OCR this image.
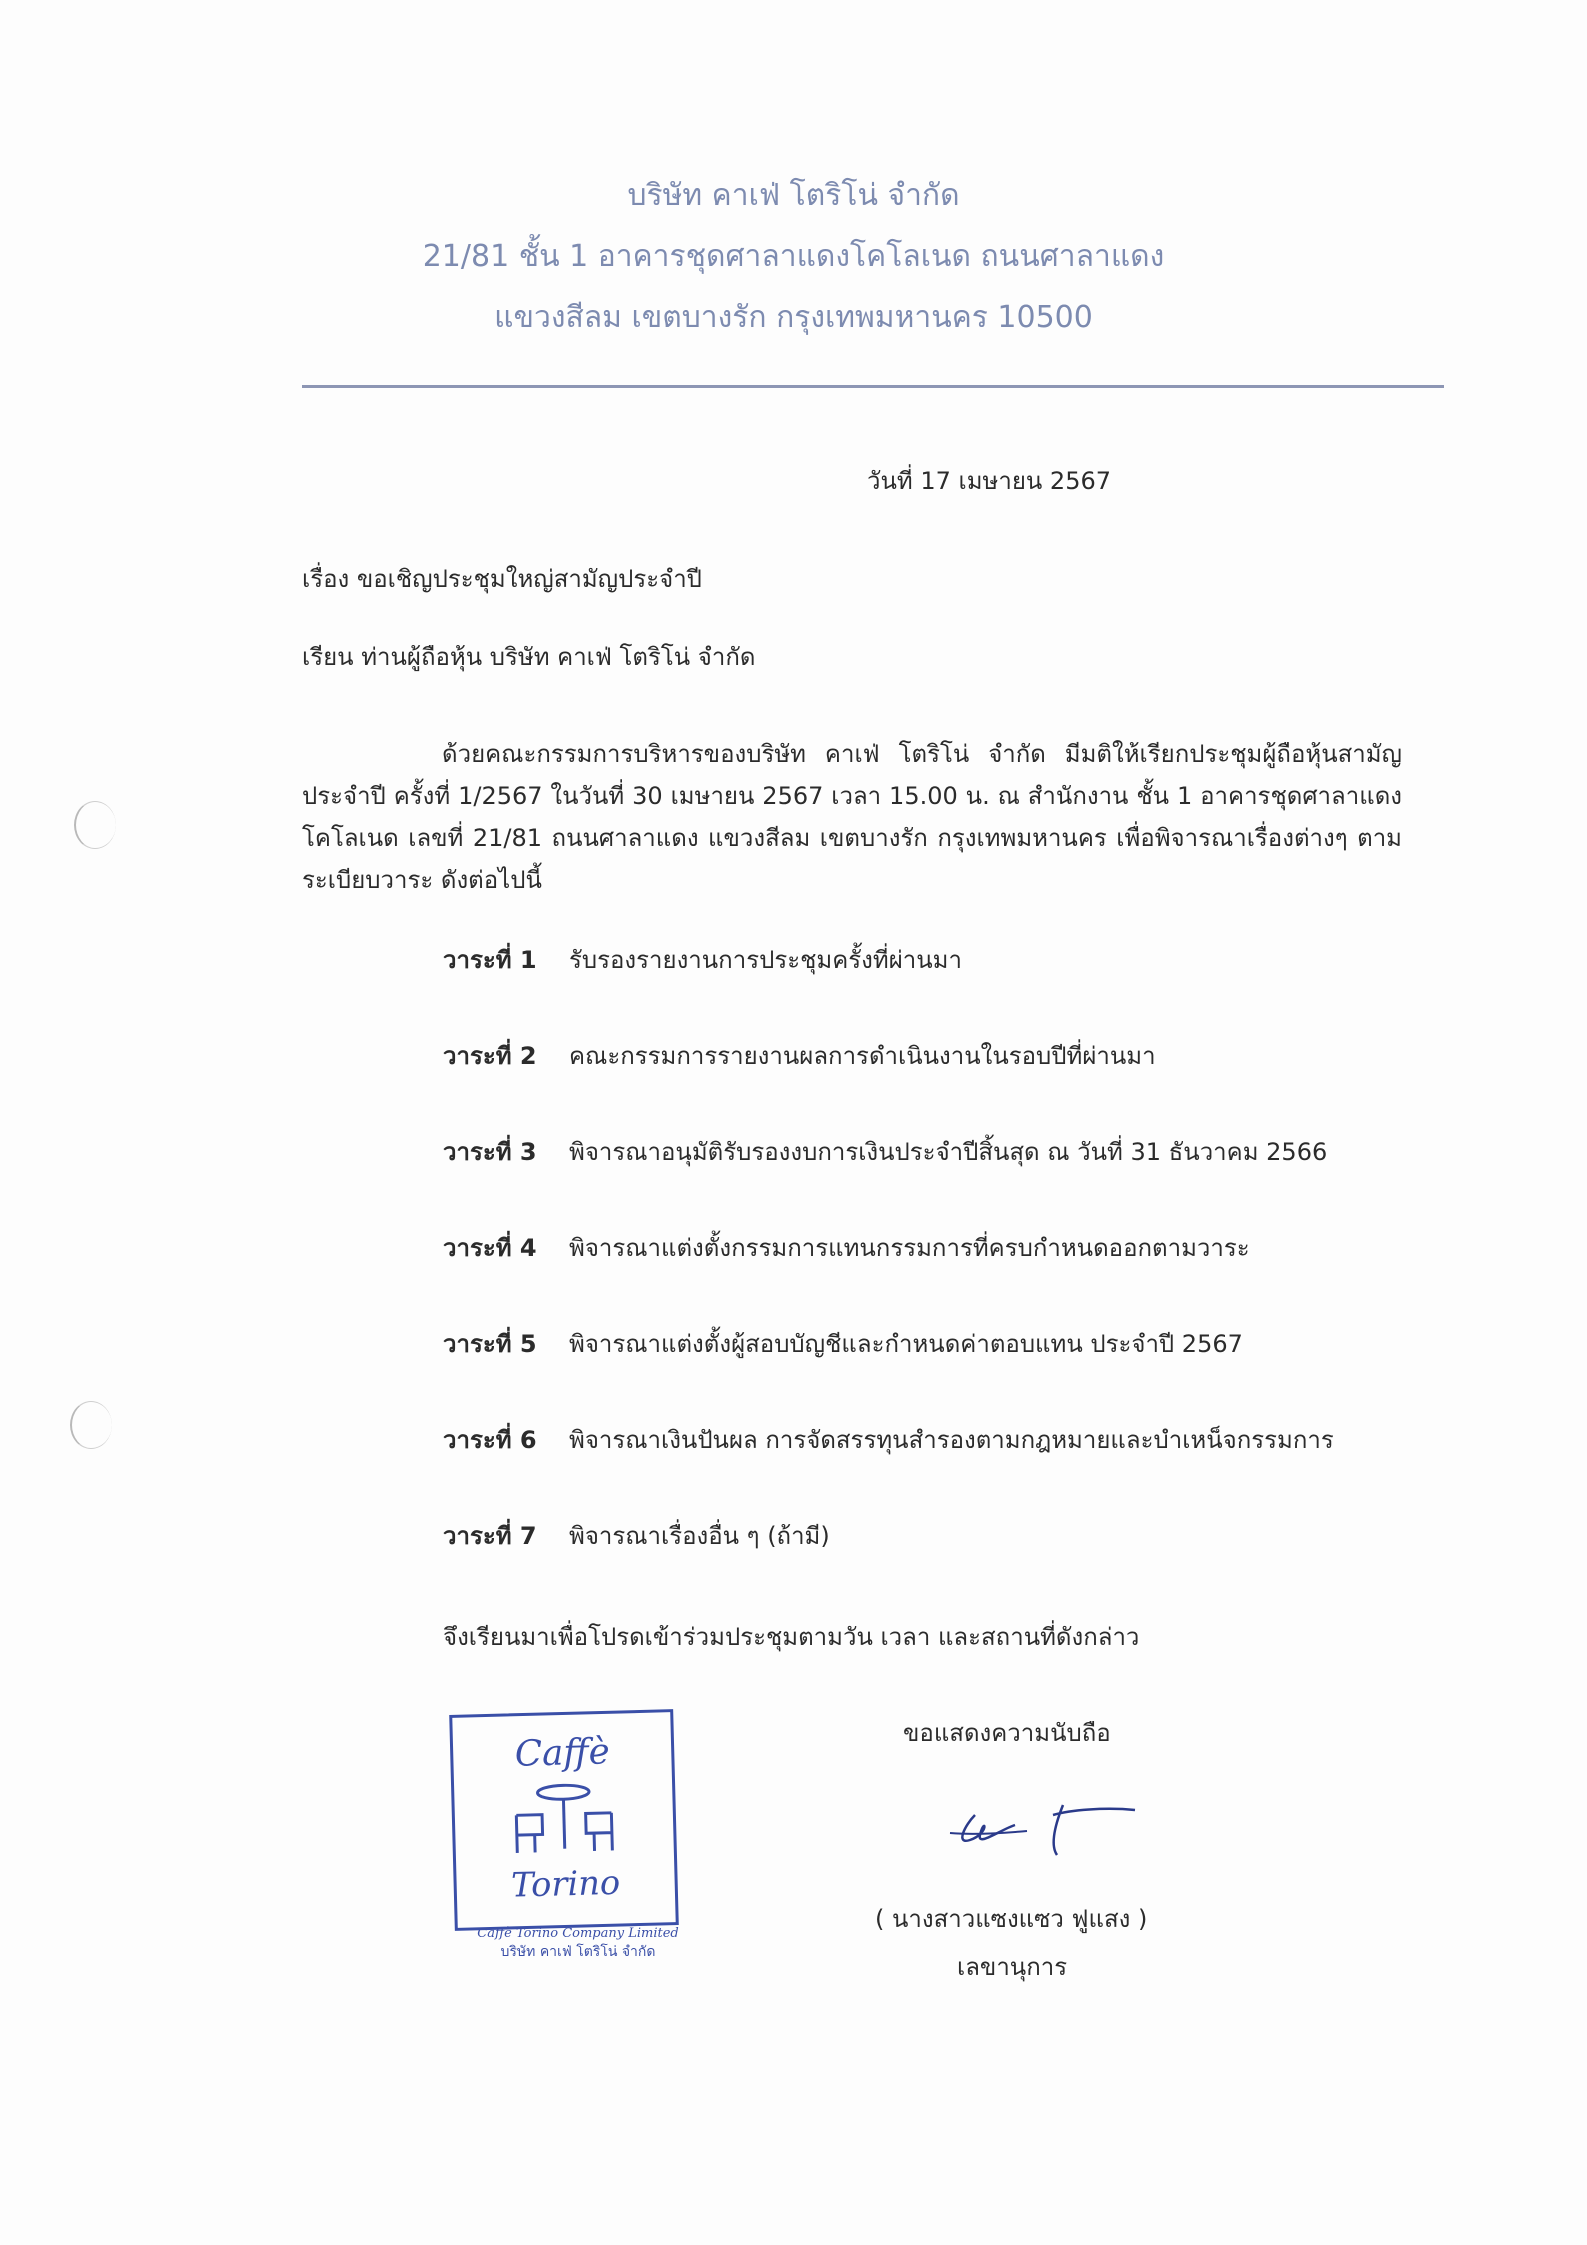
บริษัท คาเฟ่ โตริโน่ จำกัด
21/81 ชั้น 1 อาคารชุดศาลาแดงโคโลเนด ถนนศาลาแดง
แขวงสีลม เขตบางรัก กรุงเทพมหานคร 10500
วันที่ 17 เมษายน 2567
เรื่อง ขอเชิญประชุมใหญ่สามัญประจำปี
เรียน ท่านผู้ถือหุ้น บริษัท คาเฟ่ โตริโน่ จำกัด
ด้วยคณะกรรมการบริหารของบริษัท คาเฟ่ โตริโน่ จำกัด มีมติให้เรียกประชุมผู้ถือหุ้นสามัญประจำปี ครั้งที่ 1/2567 ในวันที่ 30 เมษายน 2567 เวลา 15.00 น. ณ สำนักงาน ชั้น 1 อาคารชุดศาลาแดง โคโลเนด เลขที่ 21/81 ถนนศาลาแดง แขวงสีลม เขตบางรัก กรุงเทพมหานคร เพื่อพิจารณาเรื่องต่างๆ ตามระเบียบวาระ ดังต่อไปนี้
วาระที่ 1 รับรองรายงานการประชุมครั้งที่ผ่านมา
วาระที่ 2 คณะกรรมการรายงานผลการดำเนินงานในรอบปีที่ผ่านมา
วาระที่ 3 พิจารณาอนุมัติรับรองงบการเงินประจำปีสิ้นสุด ณ วันที่ 31 ธันวาคม 2566
วาระที่ 4 พิจารณาแต่งตั้งกรรมการแทนกรรมการที่ครบกำหนดออกตามวาระ
วาระที่ 5 พิจารณาแต่งตั้งผู้สอบบัญชีและกำหนดค่าตอบแทน ประจำปี 2567
วาระที่ 6 พิจารณาเงินปันผล การจัดสรรทุนสำรองตามกฎหมายและบำเหน็จกรรมการ
วาระที่ 7 พิจารณาเรื่องอื่น ๆ (ถ้ามี)
จึงเรียนมาเพื่อโปรดเข้าร่วมประชุมตามวัน เวลา และสถานที่ดังกล่าว
ขอแสดงความนับถือ
( นางสาวแซงแซว ฟูแสง )
เลขานุการ
Caffè
Torino
Caffè Torino Company Limited
บริษัท คาเฟ่ โตริโน่ จำกัด
